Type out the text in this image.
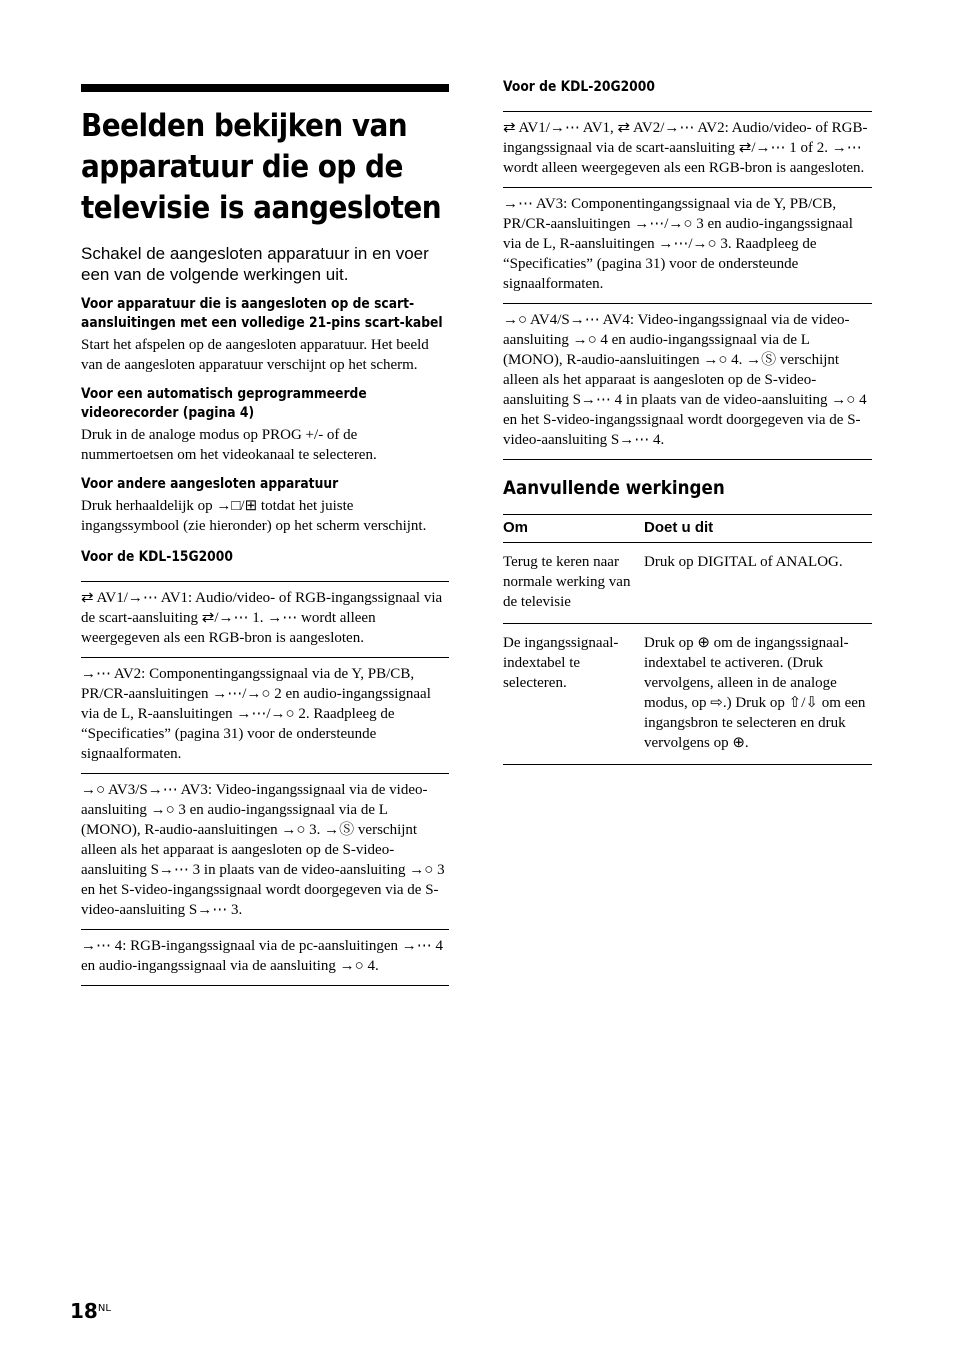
Beelden bekijken van apparatuur die op de televisie is aangesloten

Schakel de aangesloten apparatuur in en voer een van de volgende werkingen uit.

Voor apparatuur die is aangesloten op de scart-aansluitingen met een volledige 21-pins scart-kabel

Start het afspelen op de aangesloten apparatuur. Het beeld van de aangesloten apparatuur verschijnt op het scherm.

Voor een automatisch geprogrammeerde videorecorder (pagina 4)

Druk in de analoge modus op PROG +/- of de nummertoetsen om het videokanaal te selecteren.

Voor andere aangesloten apparatuur

Druk herhaaldelijk op →□/⊞ totdat het juiste ingangssymbool (zie hieronder) op het scherm verschijnt.

Voor de KDL-15G2000

⇄ AV1/→⋯ AV1: Audio/video- of RGB-ingangssignaal via de scart-aansluiting ⇄/→⋯ 1. →⋯ wordt alleen weergegeven als een RGB-bron is aangesloten.

→⋯ AV2: Componentingangssignaal via de Y, PB/CB, PR/CR-aansluitingen →⋯/→○ 2 en audio-ingangssignaal via de L, R-aansluitingen →⋯/→○ 2. Raadpleeg de “Specificaties” (pagina 31) voor de ondersteunde signaalformaten.

→○ AV3/S→⋯ AV3: Video-ingangssignaal via de video-aansluiting →○ 3 en audio-ingangssignaal via de L (MONO), R-audio-aansluitingen →○ 3. →Ⓢ verschijnt alleen als het apparaat is aangesloten op de S-video-aansluiting S→⋯ 3 in plaats van de video-aansluiting →○ 3 en het S-video-ingangssignaal wordt doorgegeven via de S-video-aansluiting S→⋯ 3.

→⋯ 4: RGB-ingangssignaal via de pc-aansluitingen →⋯ 4 en audio-ingangssignaal via de aansluiting →○ 4.

Voor de KDL-20G2000

⇄ AV1/→⋯ AV1, ⇄ AV2/→⋯ AV2: Audio/video- of RGB-ingangssignaal via de scart-aansluiting ⇄/→⋯ 1 of 2. →⋯ wordt alleen weergegeven als een RGB-bron is aangesloten.

→⋯ AV3: Componentingangssignaal via de Y, PB/CB, PR/CR-aansluitingen →⋯/→○ 3 en audio-ingangssignaal via de L, R-aansluitingen →⋯/→○ 3. Raadpleeg de “Specificaties” (pagina 31) voor de ondersteunde signaalformaten.

→○ AV4/S→⋯ AV4: Video-ingangssignaal via de video-aansluiting →○ 4 en audio-ingangssignaal via de L (MONO), R-audio-aansluitingen →○ 4. →Ⓢ verschijnt alleen als het apparaat is aangesloten op de S-video-aansluiting S→⋯ 4 in plaats van de video-aansluiting →○ 4 en het S-video-ingangssignaal wordt doorgegeven via de S-video-aansluiting S→⋯ 4.

Aanvullende werkingen
Om	Doet u dit
Terug te keren naar normale werking van de televisie	Druk op DIGITAL of ANALOG.
De ingangssignaal-indextabel te selecteren.	Druk op ⊕ om de ingangssignaal-indextabel te activeren. (Druk vervolgens, alleen in de analoge modus, op ⇨.) Druk op ⇧/⇩ om een ingangsbron te selecteren en druk vervolgens op ⊕.
$18^{NL}$
